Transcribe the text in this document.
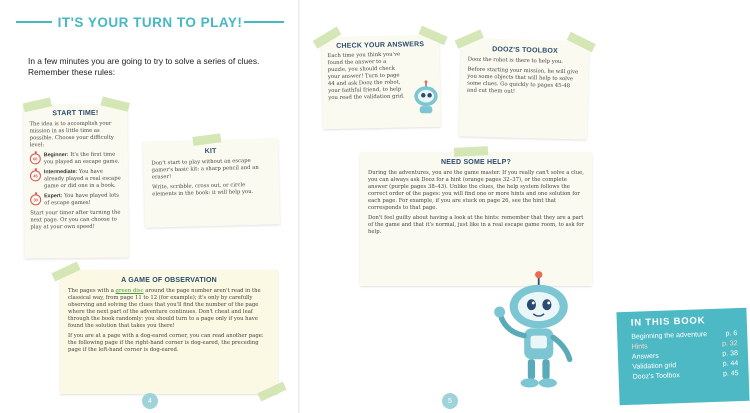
IT'S YOUR TURN TO PLAY!
In a few minutes you are going to try to solve a series of clues.
Remember these rules:
START TIME!

The idea is to accomplish your mission in as little time as possible. Choose your difficulty level:

60
Beginner: It's the first time you played an escape game.
45
Intermediate: You have already played a real escape game or did one in a book.
30
Expert: You have played lots of escape games!

Start your timer after turning the next page. Or you can choose to play at your own speed!

KIT

Don't start to play without an escape gamer's basic kit: a sharp pencil and an eraser!

Write, scribble, cross out, or circle elements in the book: it will help you.

A GAME OF OBSERVATION

The pages with a green disc around the page number aren't read in the classical way, from page 11 to 12 (for example); it's only by carefully observing and solving the clues that you'll find the number of the page where the next part of the adventure continues. Don't cheat and leaf through the book randomly: you should turn to a page only if you have found the solution that takes you there!

If you are at a page with a dog-eared corner, you can read another page: the following page if the right-hand corner is dog-eared, the preceding page if the left-hand corner is dog-eared.

4
CHECK YOUR ANSWERS

Each time you think you've found the answer to a puzzle, you should check your answer! Turn to page 44 and ask Dooz the robot, your faithful friend, to help you read the validation grid.

DOOZ'S TOOLBOX

Dooz the robot is there to help you.

Before starting your mission, he will give you some objects that will help to solve some clues. Go quickly to pages 45-48 and cut them out!

NEED SOME HELP?

During the adventures, you are the game master. If you really can't solve a clue, you can always ask Dooz for a hint (orange pages 32–37), or the complete answer (purple pages 38–43). Unlike the clues, the help system follows the correct order of the pages: you will find one or more hints and one solution for each page. For example, if you are stuck on page 26, see the hint that corresponds to that page.

Don't feel guilty about having a look at the hints: remember that they are a part of the game and that it's normal, just like in a real escape game room, to ask for help.

IN THIS BOOK
Beginning the adventure	p. 6
Hints	p. 32
Answers	p. 38
Validation grid	p. 44
Dooz's Toolbox	p. 45
5
